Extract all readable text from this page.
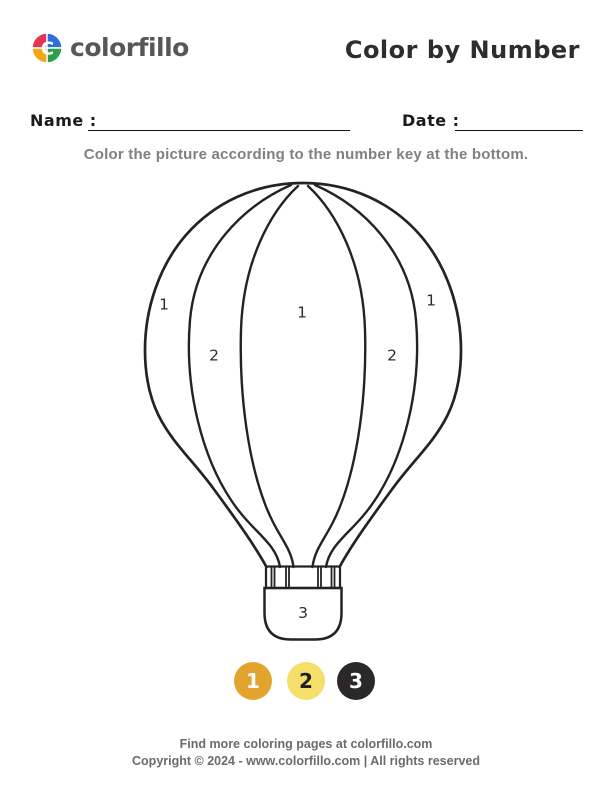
C colorfillo	Color by Number
Name :	Date :
Color the picture according to the number key at the bottom.
1
2
1
2
1
3
1 2 3
Find more coloring pages at colorfillo.com
Copyright © 2024 - www.colorfillo.com | All rights reserved
